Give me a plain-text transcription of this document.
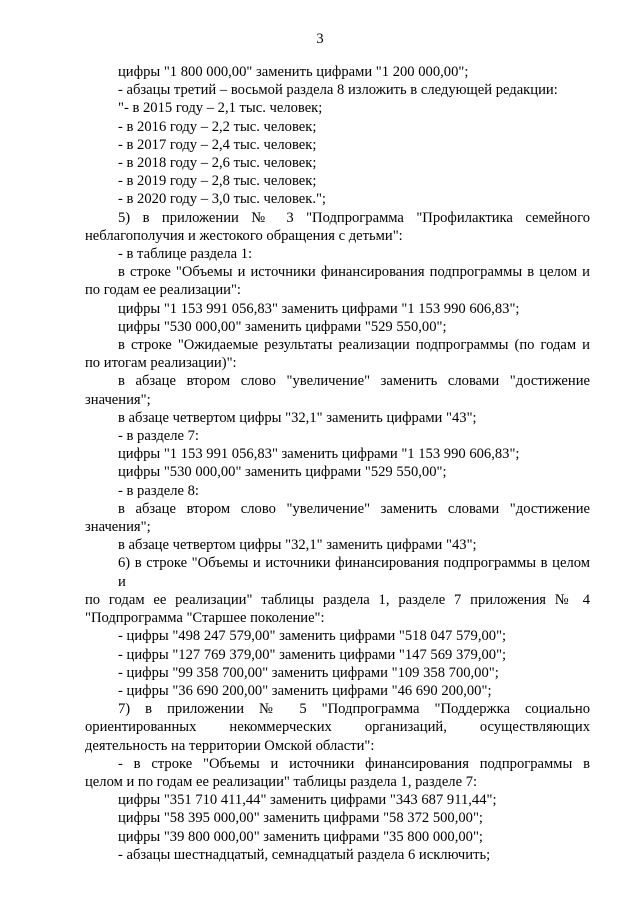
3
цифры "1 800 000,00" заменить цифрами "1 200 000,00";
- абзацы третий – восьмой раздела 8 изложить в следующей редакции:
"- в 2015 году – 2,1 тыс. человек;
- в 2016 году – 2,2 тыс. человек;
- в 2017 году – 2,4 тыс. человек;
- в 2018 году – 2,6 тыс. человек;
- в 2019 году – 2,8 тыс. человек;
- в 2020 году – 3,0 тыс. человек.";
5) в приложении № 3 "Подпрограмма "Профилактика семейного
неблагополучия и жестокого обращения с детьми":
- в таблице раздела 1:
в строке "Объемы и источники финансирования подпрограммы в целом и
по годам ее реализации":
цифры "1 153 991 056,83" заменить цифрами "1 153 990 606,83";
цифры "530 000,00" заменить цифрами "529 550,00";
в строке "Ожидаемые результаты реализации подпрограммы (по годам и
по итогам реализации)":
в абзаце втором слово "увеличение" заменить словами "достижение
значения";
в абзаце четвертом цифры "32,1" заменить цифрами "43";
- в разделе 7:
цифры "1 153 991 056,83" заменить цифрами "1 153 990 606,83";
цифры "530 000,00" заменить цифрами "529 550,00";
- в разделе 8:
в абзаце втором слово "увеличение" заменить словами "достижение
значения";
в абзаце четвертом цифры "32,1" заменить цифрами "43";
6) в строке "Объемы и источники финансирования подпрограммы в целом и
по годам ее реализации" таблицы раздела 1, разделе 7 приложения № 4
"Подпрограмма "Старшее поколение":
- цифры "498 247 579,00" заменить цифрами "518 047 579,00";
- цифры "127 769 379,00" заменить цифрами "147 569 379,00";
- цифры "99 358 700,00" заменить цифрами "109 358 700,00";
- цифры "36 690 200,00" заменить цифрами "46 690 200,00";
7) в приложении № 5 "Подпрограмма "Поддержка социально
ориентированных некоммерческих организаций, осуществляющих
деятельность на территории Омской области":
- в строке "Объемы и источники финансирования подпрограммы в
целом и по годам ее реализации" таблицы раздела 1, разделе 7:
цифры "351 710 411,44" заменить цифрами "343 687 911,44";
цифры "58 395 000,00" заменить цифрами "58 372 500,00";
цифры "39 800 000,00" заменить цифрами "35 800 000,00";
- абзацы шестнадцатый, семнадцатый раздела 6 исключить;
